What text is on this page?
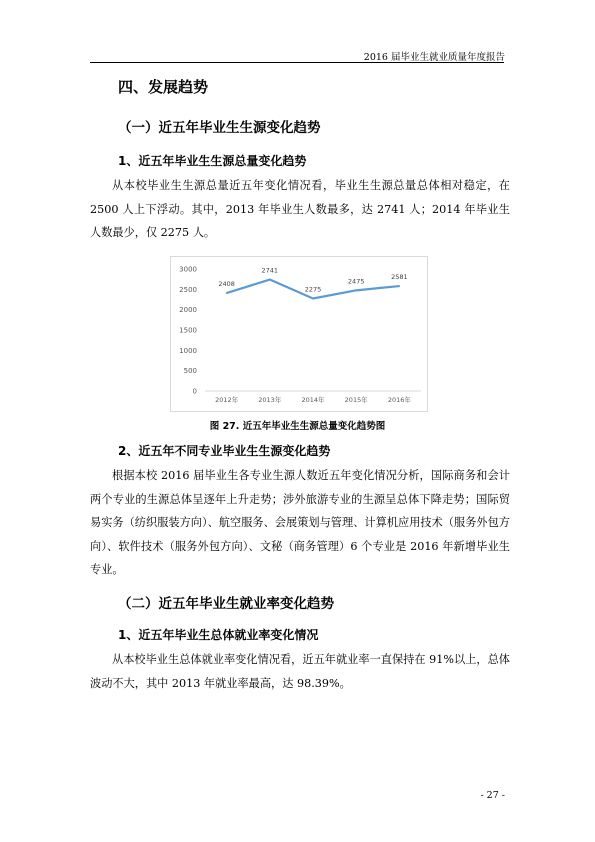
2016 届毕业生就业质量年度报告
四、发展趋势
（一）近五年毕业生生源变化趋势
1、近五年毕业生生源总量变化趋势

从本校毕业生生源总量近五年变化情况看，毕业生生源总量总体相对稳定，在 2500 人上下浮动。其中，2013 年毕业生人数最多，达 2741 人；2014 年毕业生人数最少，仅 2275 人。

0
500
1000
1500
2000
2500
3000
2012年	2013年	2014年	2015年	2016年
2408
2741
2275
2475
2581
图 27. 近五年毕业生生源总量变化趋势图
2、近五年不同专业毕业生生源变化趋势

根据本校 2016 届毕业生各专业生源人数近五年变化情况分析，国际商务和会计两个专业的生源总体呈逐年上升走势；涉外旅游专业的生源呈总体下降走势；国际贸易实务（纺织服装方向）、航空服务、会展策划与管理、计算机应用技术（服务外包方向）、软件技术（服务外包方向）、文秘（商务管理）6 个专业是 2016 年新增毕业生专业。

（二）近五年毕业生就业率变化趋势
1、近五年毕业生总体就业率变化情况

从本校毕业生总体就业率变化情况看，近五年就业率一直保持在 91%以上，总体波动不大，其中 2013 年就业率最高，达 98.39%。

- 27 -
